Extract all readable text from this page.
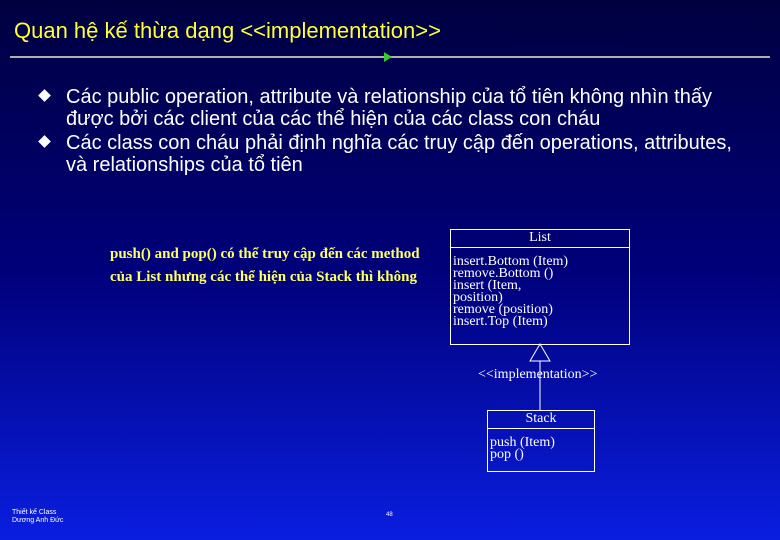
Quan hệ kế thừa dạng <<implementation>>
Các public operation, attribute và relationship của tổ tiên không nhìn thấy được bởi các client của các thể hiện của các class con cháu
Các class con cháu phải định nghĩa các truy cập đến operations, attributes, và relationships của tổ tiên
push() and pop() có thể truy cập đến các method của List nhưng các thể hiện của Stack thì không
List
insert.Bottom (Item)
remove.Bottom ()
insert (Item,
position)
remove (position)
insert.Top (Item)
<<implementation>>
Stack
push (Item)
pop ()
Thiết kế Class
Dương Anh Đức
48
